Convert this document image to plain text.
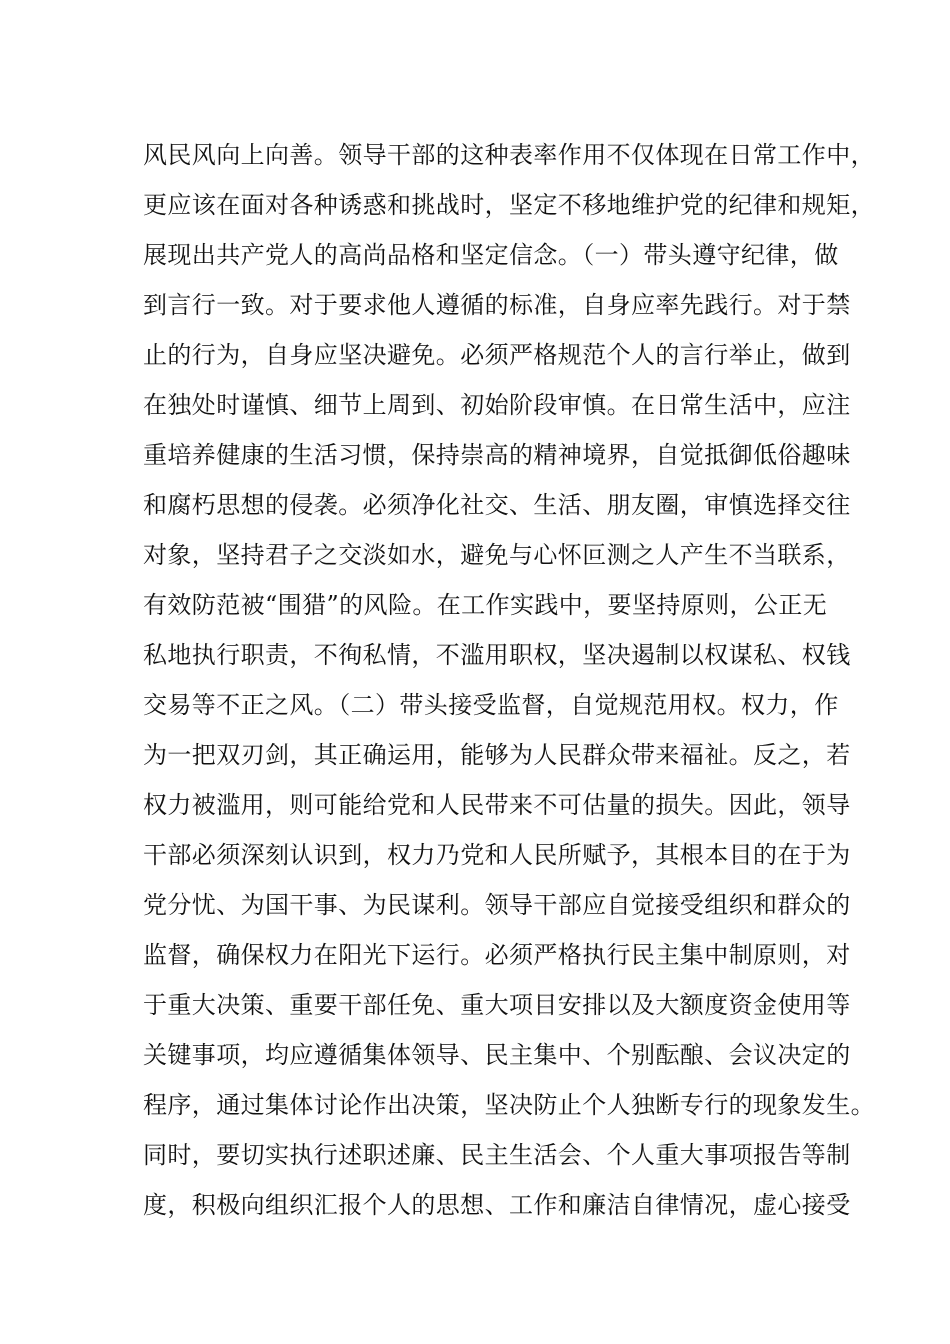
风民风向上向善。领导干部的这种表率作用不仅体现在日常工作中，
更应该在面对各种诱惑和挑战时，坚定不移地维护党的纪律和规矩，
展现出共产党人的高尚品格和坚定信念。（一）带头遵守纪律，做
到言行一致。对于要求他人遵循的标准，自身应率先践行。对于禁
止的行为，自身应坚决避免。必须严格规范个人的言行举止，做到
在独处时谨慎、细节上周到、初始阶段审慎。在日常生活中，应注
重培养健康的生活习惯，保持崇高的精神境界，自觉抵御低俗趣味
和腐朽思想的侵袭。必须净化社交、生活、朋友圈，审慎选择交往
对象，坚持君子之交淡如水，避免与心怀叵测之人产生不当联系，
有效防范被“围猎”的风险。在工作实践中，要坚持原则，公正无
私地执行职责，不徇私情，不滥用职权，坚决遏制以权谋私、权钱
交易等不正之风。（二）带头接受监督，自觉规范用权。权力，作
为一把双刃剑，其正确运用，能够为人民群众带来福祉。反之，若
权力被滥用，则可能给党和人民带来不可估量的损失。因此，领导
干部必须深刻认识到，权力乃党和人民所赋予，其根本目的在于为
党分忧、为国干事、为民谋利。领导干部应自觉接受组织和群众的
监督，确保权力在阳光下运行。必须严格执行民主集中制原则，对
于重大决策、重要干部任免、重大项目安排以及大额度资金使用等
关键事项，均应遵循集体领导、民主集中、个别酝酿、会议决定的
程序，通过集体讨论作出决策，坚决防止个人独断专行的现象发生。
同时，要切实执行述职述廉、民主生活会、个人重大事项报告等制
度，积极向组织汇报个人的思想、工作和廉洁自律情况，虚心接受
